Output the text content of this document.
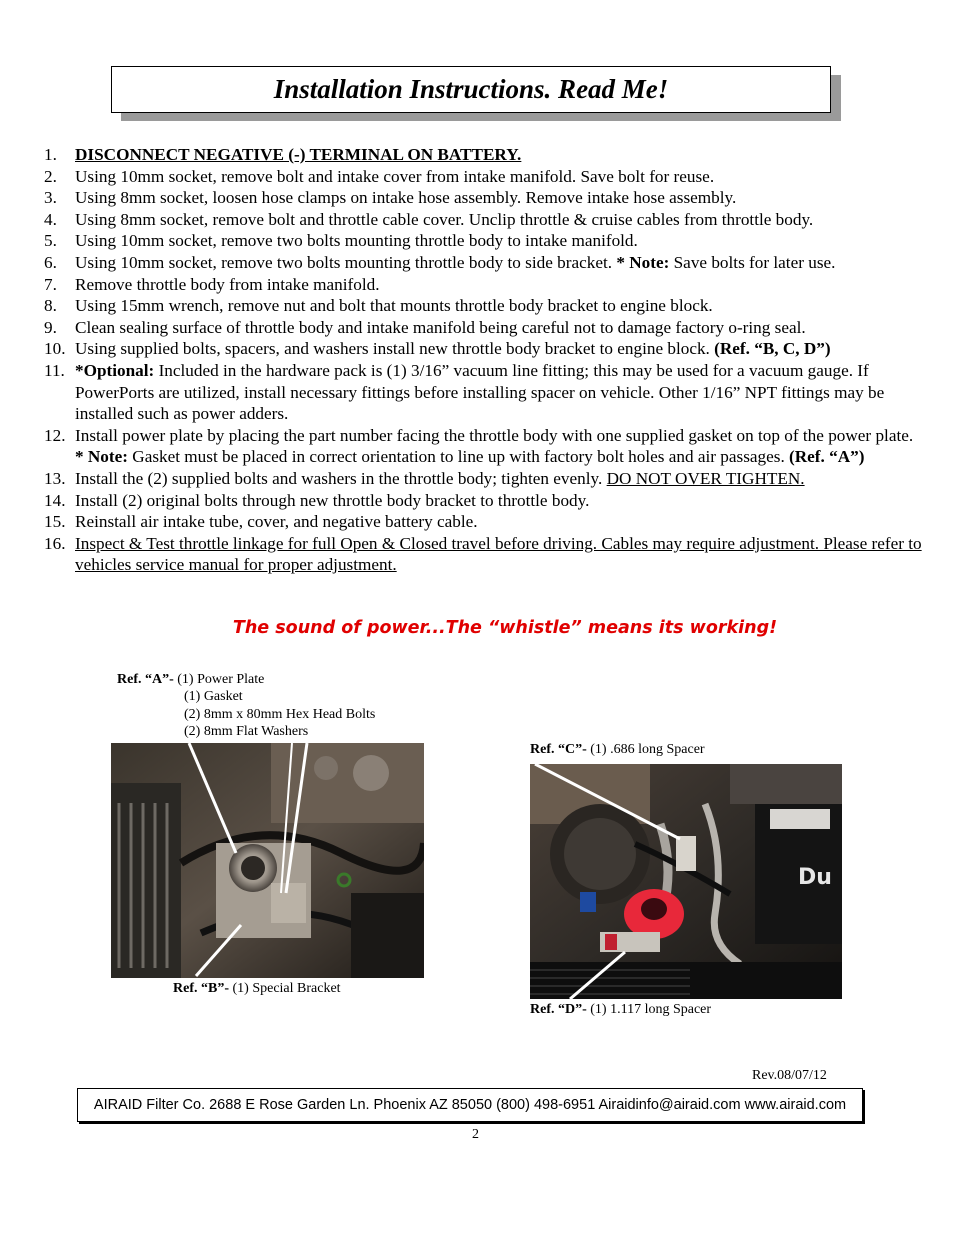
Installation Instructions. Read Me!
1. DISCONNECT NEGATIVE (-) TERMINAL ON BATTERY.
2. Using 10mm socket, remove bolt and intake cover from intake manifold. Save bolt for reuse.
3. Using 8mm socket, loosen hose clamps on intake hose assembly. Remove intake hose assembly.
4. Using 8mm socket, remove bolt and throttle cable cover. Unclip throttle & cruise cables from throttle body.
5. Using 10mm socket, remove two bolts mounting throttle body to intake manifold.
6. Using 10mm socket, remove two bolts mounting throttle body to side bracket. * Note: Save bolts for later use.
7. Remove throttle body from intake manifold.
8. Using 15mm wrench, remove nut and bolt that mounts throttle body bracket to engine block.
9. Clean sealing surface of throttle body and intake manifold being careful not to damage factory o-ring seal.
10. Using supplied bolts, spacers, and washers install new throttle body bracket to engine block. (Ref. “B, C, D”)
11. *Optional: Included in the hardware pack is (1) 3/16” vacuum line fitting; this may be used for a vacuum gauge. If PowerPorts are utilized, install necessary fittings before installing spacer on vehicle. Other 1/16” NPT fittings may be installed such as power adders.
12. Install power plate by placing the part number facing the throttle body with one supplied gasket on top of the power plate. * Note: Gasket must be placed in correct orientation to line up with factory bolt holes and air passages. (Ref. “A”)
13. Install the (2) supplied bolts and washers in the throttle body; tighten evenly. DO NOT OVER TIGHTEN.
14. Install (2) original bolts through new throttle body bracket to throttle body.
15. Reinstall air intake tube, cover, and negative battery cable.
16. Inspect & Test throttle linkage for full Open & Closed travel before driving. Cables may require adjustment. Please refer to vehicles service manual for proper adjustment.
The sound of power...The “whistle” means its working!
Ref. “A”- (1) Power Plate
(1) Gasket
(2) 8mm x 80mm Hex Head Bolts
(2) 8mm Flat Washers
Ref. “B”- (1) Special Bracket
Ref. “C”- (1) .686 long Spacer
Du
Ref. “D”- (1) 1.117 long Spacer
Rev.08/07/12
AIRAID Filter Co. 2688 E Rose Garden Ln. Phoenix AZ 85050 (800) 498-6951 Airaidinfo@airaid.com www.airaid.com
2
